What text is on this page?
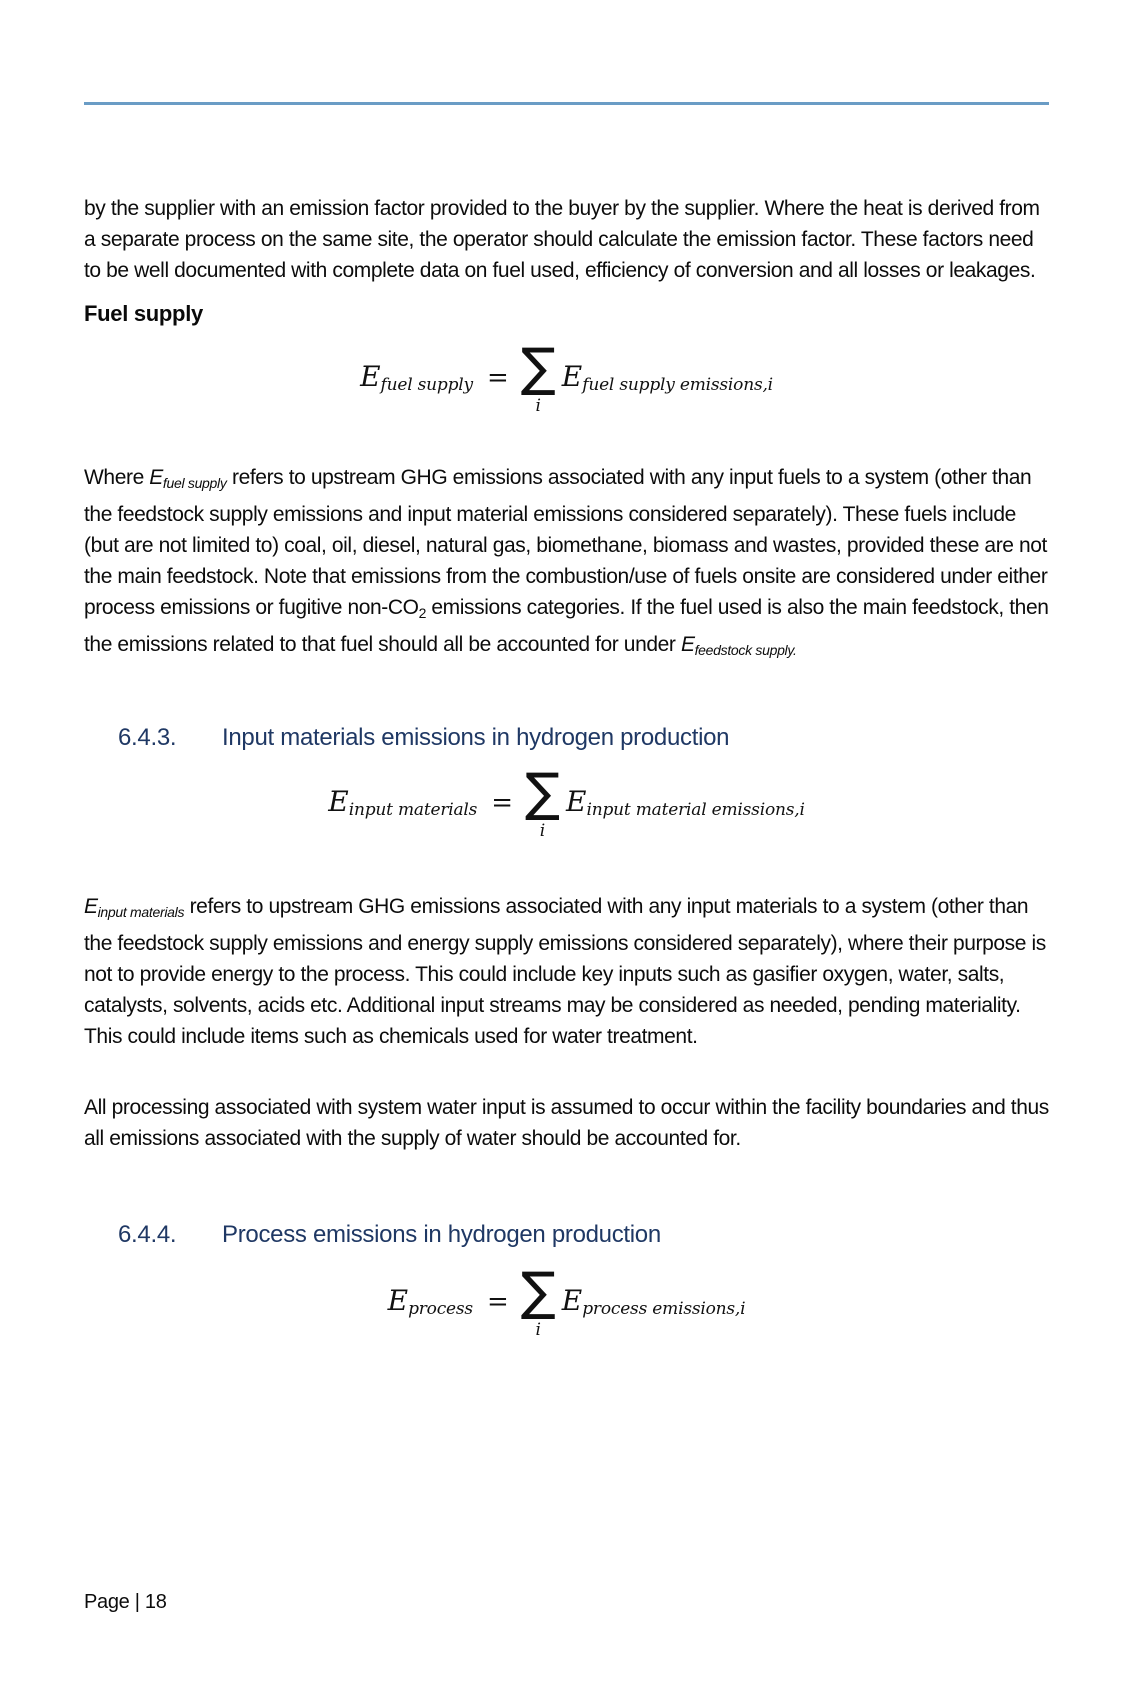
by the supplier with an emission factor provided to the buyer by the supplier. Where the heat is derived from a separate process on the same site, the operator should calculate the emission factor. These factors need to be well documented with complete data on fuel used, efficiency of conversion and all losses or leakages.

Fuel supply
$E_{fuel supply}$ = ∑
i
$E_{fuel supply emissions,i}$

Where Efuel supply refers to upstream GHG emissions associated with any input fuels to a system (other than the feedstock supply emissions and input material emissions considered separately). These fuels include (but are not limited to) coal, oil, diesel, natural gas, biomethane, biomass and wastes, provided these are not the main feedstock. Note that emissions from the combustion/use of fuels onsite are considered under either process emissions or fugitive non-CO2 emissions categories. If the fuel used is also the main feedstock, then the emissions related to that fuel should all be accounted for under Efeedstock supply.

6.4.3. Input materials emissions in hydrogen production
$E_{input materials}$ = ∑
i
$E_{input material emissions,i}$

Einput materials refers to upstream GHG emissions associated with any input materials to a system (other than the feedstock supply emissions and energy supply emissions considered separately), where their purpose is not to provide energy to the process. This could include key inputs such as gasifier oxygen, water, salts, catalysts, solvents, acids etc. Additional input streams may be considered as needed, pending materiality. This could include items such as chemicals used for water treatment.

All processing associated with system water input is assumed to occur within the facility boundaries and thus all emissions associated with the supply of water should be accounted for.

6.4.4. Process emissions in hydrogen production
$E_{process}$ = ∑
i
$E_{process emissions,i}$
Page | 18
